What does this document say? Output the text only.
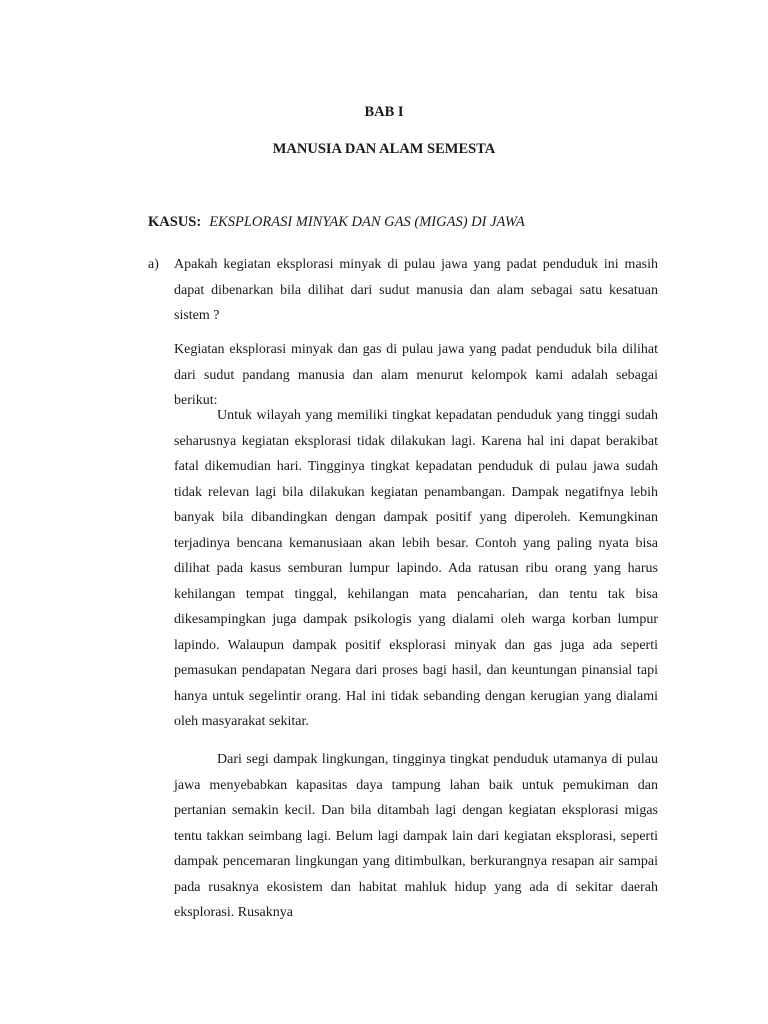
BAB I
MANUSIA DAN ALAM SEMESTA

KASUS: EKSPLORASI MINYAK DAN GAS (MIGAS) DI JAWA

a) Apakah kegiatan eksplorasi minyak di pulau jawa yang padat penduduk ini masih dapat dibenarkan bila dilihat dari sudut manusia dan alam sebagai satu kesatuan sistem ?

Kegiatan eksplorasi minyak dan gas di pulau jawa yang padat penduduk bila dilihat dari sudut pandang manusia dan alam menurut kelompok kami adalah sebagai berikut:

Untuk wilayah yang memiliki tingkat kepadatan penduduk yang tinggi sudah seharusnya kegiatan eksplorasi tidak dilakukan lagi. Karena hal ini dapat berakibat fatal dikemudian hari. Tingginya tingkat kepadatan penduduk di pulau jawa sudah tidak relevan lagi bila dilakukan kegiatan penambangan. Dampak negatifnya lebih banyak bila dibandingkan dengan dampak positif yang diperoleh. Kemungkinan terjadinya bencana kemanusiaan akan lebih besar. Contoh yang paling nyata bisa dilihat pada kasus semburan lumpur lapindo. Ada ratusan ribu orang yang harus kehilangan tempat tinggal, kehilangan mata pencaharian, dan tentu tak bisa dikesampingkan juga dampak psikologis yang dialami oleh warga korban lumpur lapindo. Walaupun dampak positif eksplorasi minyak dan gas juga ada seperti pemasukan pendapatan Negara dari proses bagi hasil, dan keuntungan pinansial tapi hanya untuk segelintir orang. Hal ini tidak sebanding dengan kerugian yang dialami oleh masyarakat sekitar.

Dari segi dampak lingkungan, tingginya tingkat penduduk utamanya di pulau jawa menyebabkan kapasitas daya tampung lahan baik untuk pemukiman dan pertanian semakin kecil. Dan bila ditambah lagi dengan kegiatan eksplorasi migas tentu takkan seimbang lagi. Belum lagi dampak lain dari kegiatan eksplorasi, seperti dampak pencemaran lingkungan yang ditimbulkan, berkurangnya resapan air sampai pada rusaknya ekosistem dan habitat mahluk hidup yang ada di sekitar daerah eksplorasi. Rusaknya
